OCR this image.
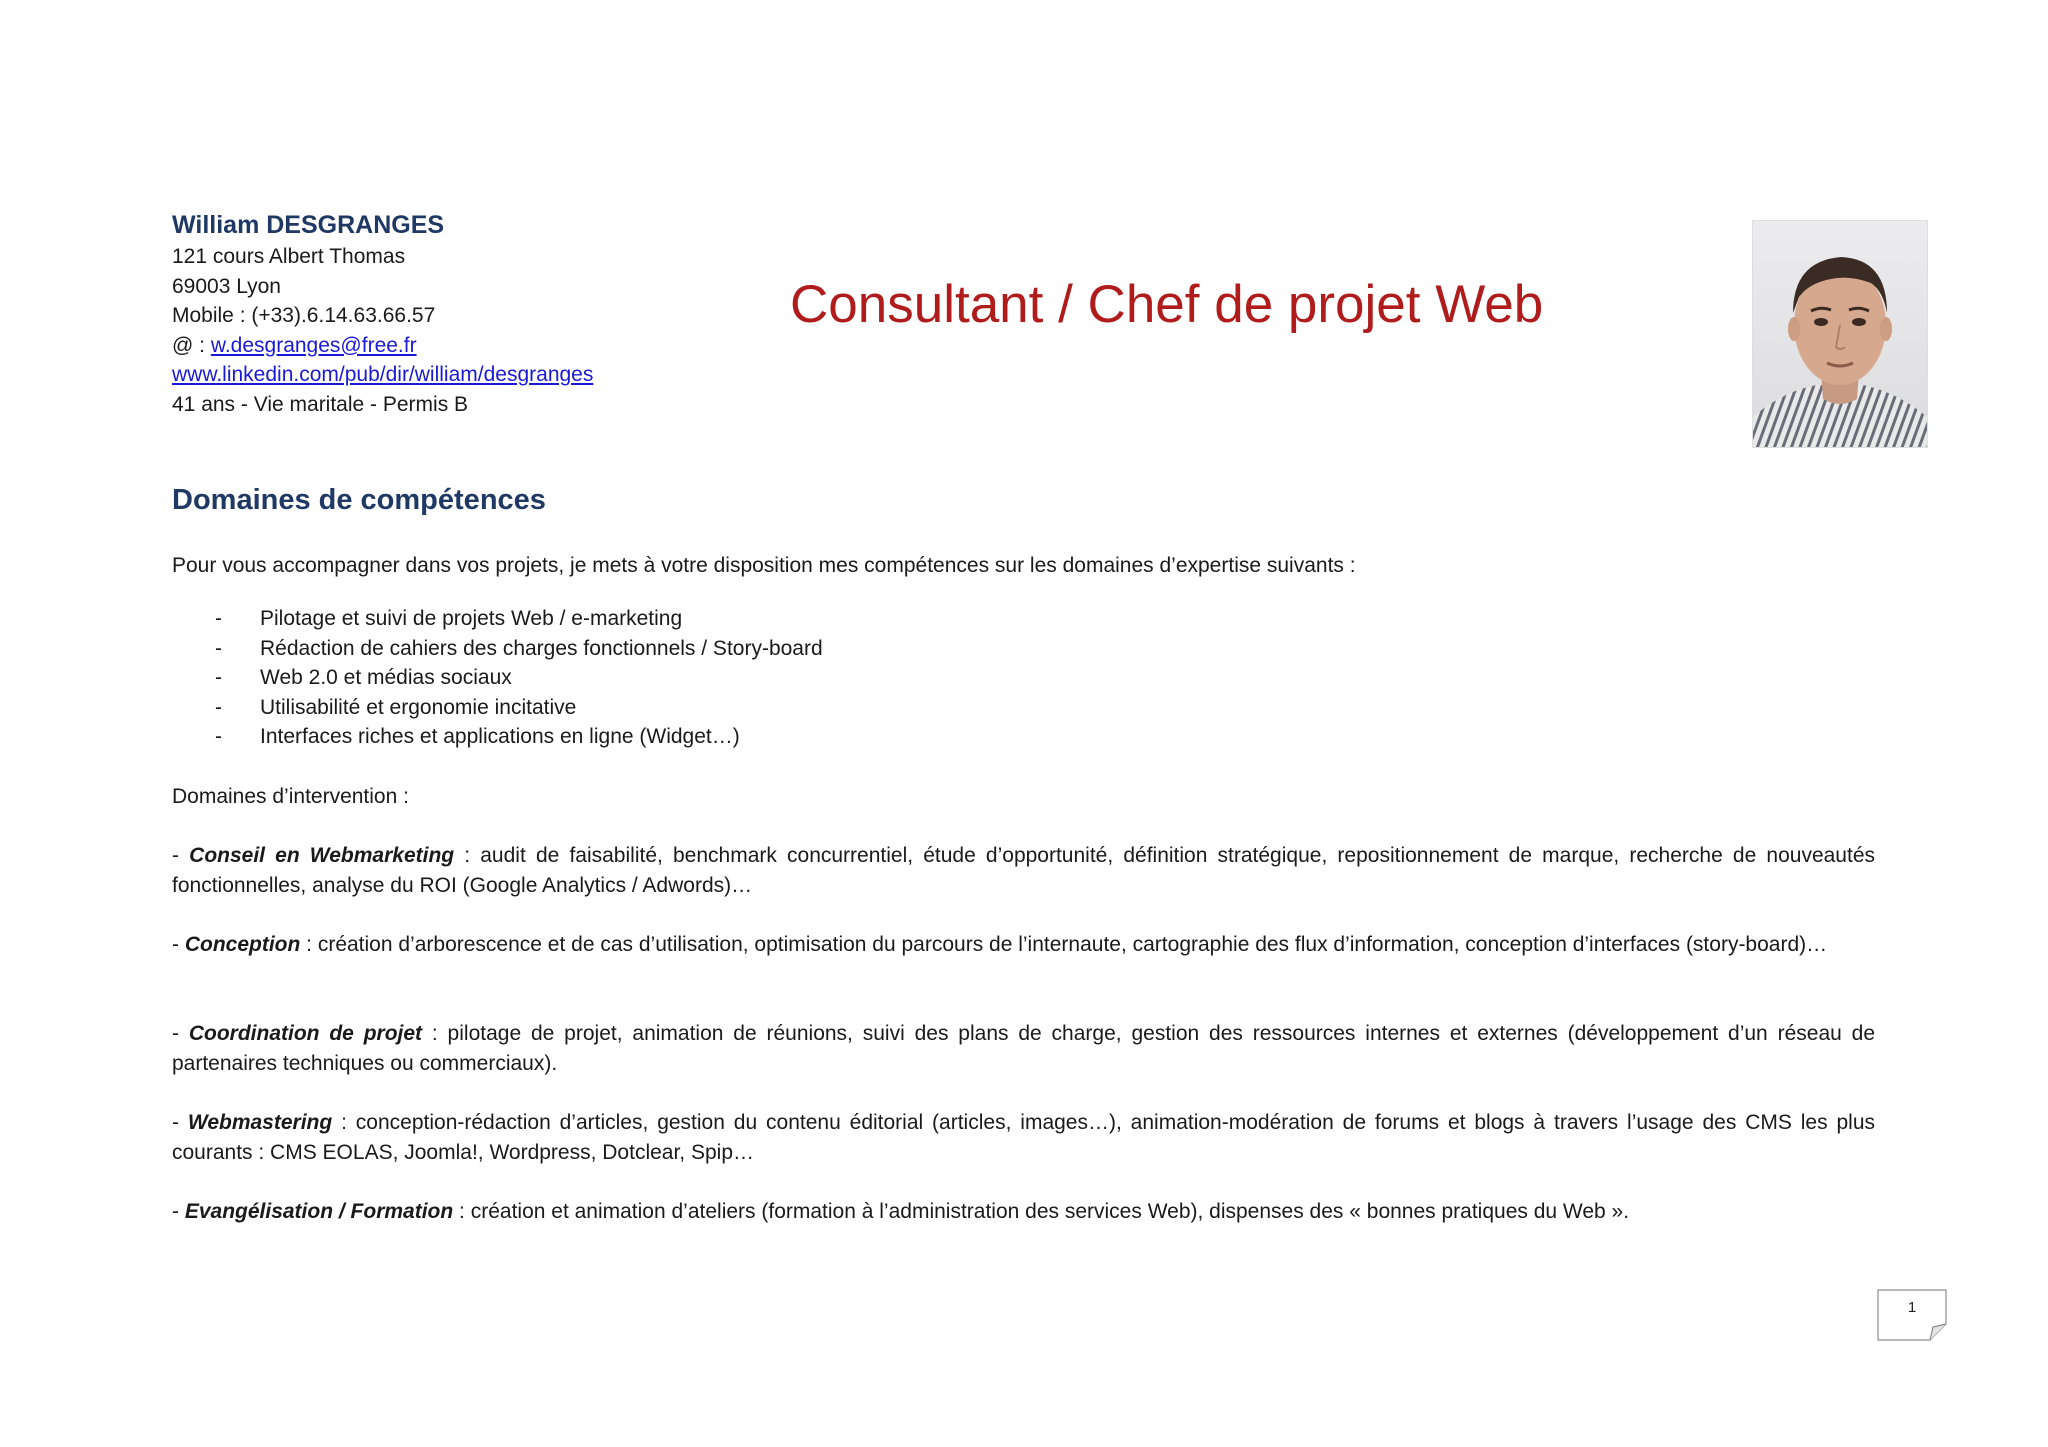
William DESGRANGES
121 cours Albert Thomas
69003 Lyon
Mobile : (+33).6.14.63.66.57
@ : w.desgranges@free.fr
www.linkedin.com/pub/dir/william/desgranges
41 ans - Vie maritale - Permis B
Consultant / Chef de projet Web
Domaines de compétences
Pour vous accompagner dans vos projets, je mets à votre disposition mes compétences sur les domaines d’expertise suivants :
- Pilotage et suivi de projets Web / e-marketing
- Rédaction de cahiers des charges fonctionnels / Story-board
- Web 2.0 et médias sociaux
- Utilisabilité et ergonomie incitative
- Interfaces riches et applications en ligne (Widget…)
Domaines d’intervention :
- Conseil en Webmarketing : audit de faisabilité, benchmark concurrentiel, étude d’opportunité, définition stratégique, repositionnement de marque, recherche de nouveautés fonctionnelles, analyse du ROI (Google Analytics / Adwords)…
- Conception : création d’arborescence et de cas d’utilisation, optimisation du parcours de l’internaute, cartographie des flux d’information, conception d’interfaces (story-board)…
- Coordination de projet : pilotage de projet, animation de réunions, suivi des plans de charge, gestion des ressources internes et externes (développement d’un réseau de partenaires techniques ou commerciaux).
- Webmastering : conception-rédaction d’articles, gestion du contenu éditorial (articles, images…), animation-modération de forums et blogs à travers l’usage des CMS les plus courants : CMS EOLAS, Joomla!, Wordpress, Dotclear, Spip…
- Evangélisation / Formation : création et animation d’ateliers (formation à l’administration des services Web), dispenses des « bonnes pratiques du Web ».
1
